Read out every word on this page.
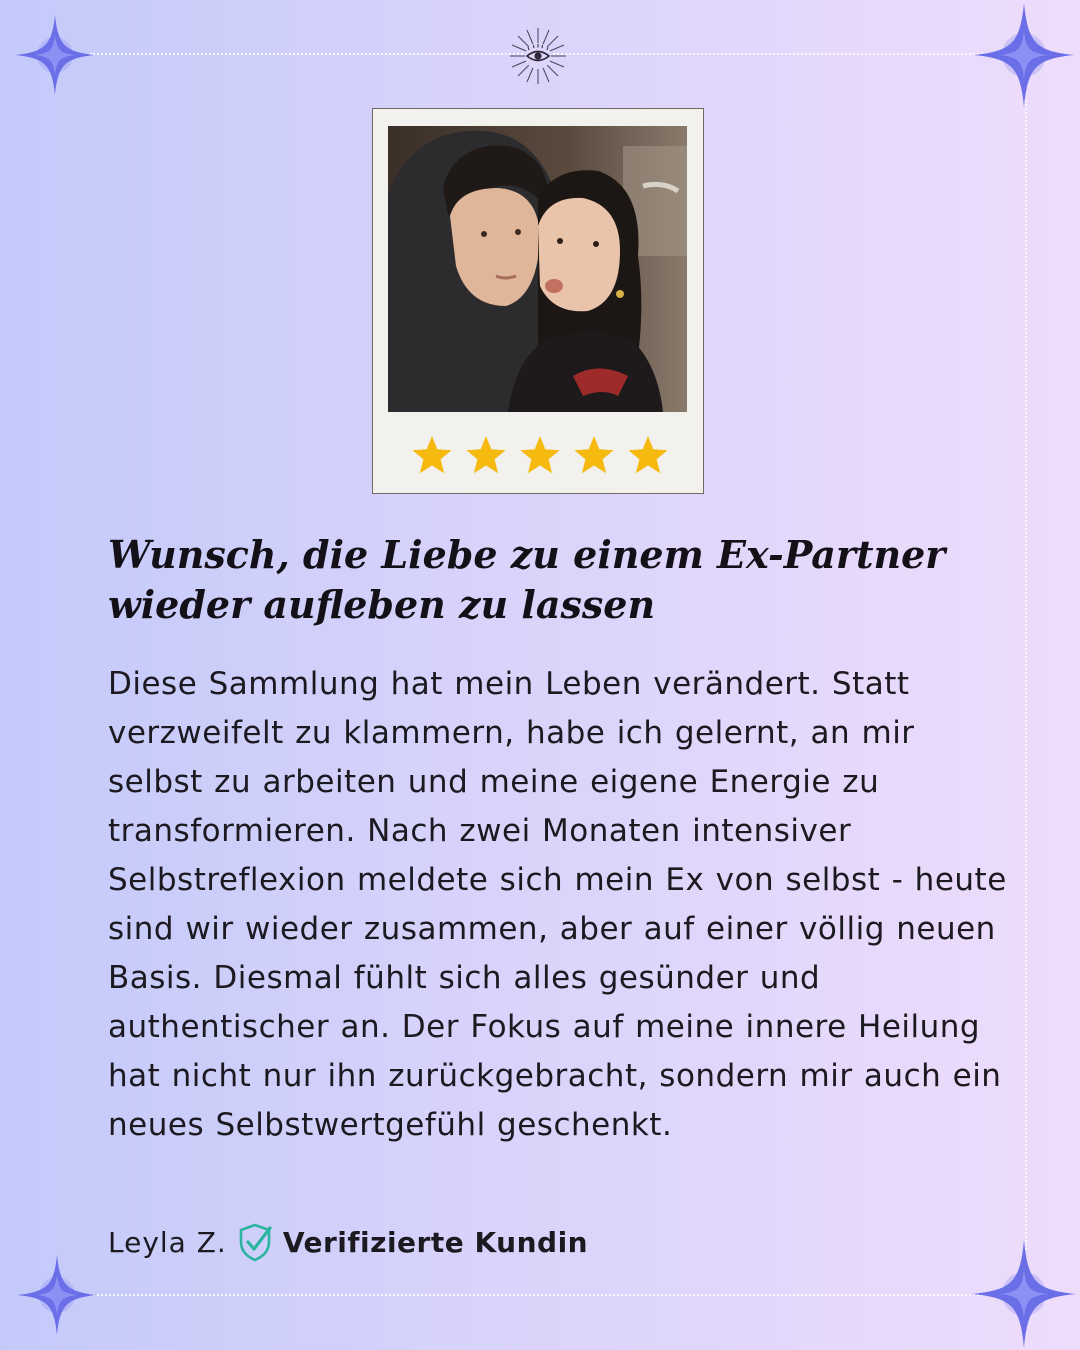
Wunsch, die Liebe zu einem Ex-Partner wieder aufleben zu lassen

Diese Sammlung hat mein Leben verändert. Statt verzweifelt zu klammern, habe ich gelernt, an mir selbst zu arbeiten und meine eigene Energie zu transformieren. Nach zwei Monaten intensiver Selbstreflexion meldete sich mein Ex von selbst - heute sind wir wieder zusammen, aber auf einer völlig neuen Basis. Diesmal fühlt sich alles gesünder und authentischer an. Der Fokus auf meine innere Heilung hat nicht nur ihn zurückgebracht, sondern mir auch ein neues Selbstwertgefühl geschenkt.

Leyla Z. Verifizierte Kundin
